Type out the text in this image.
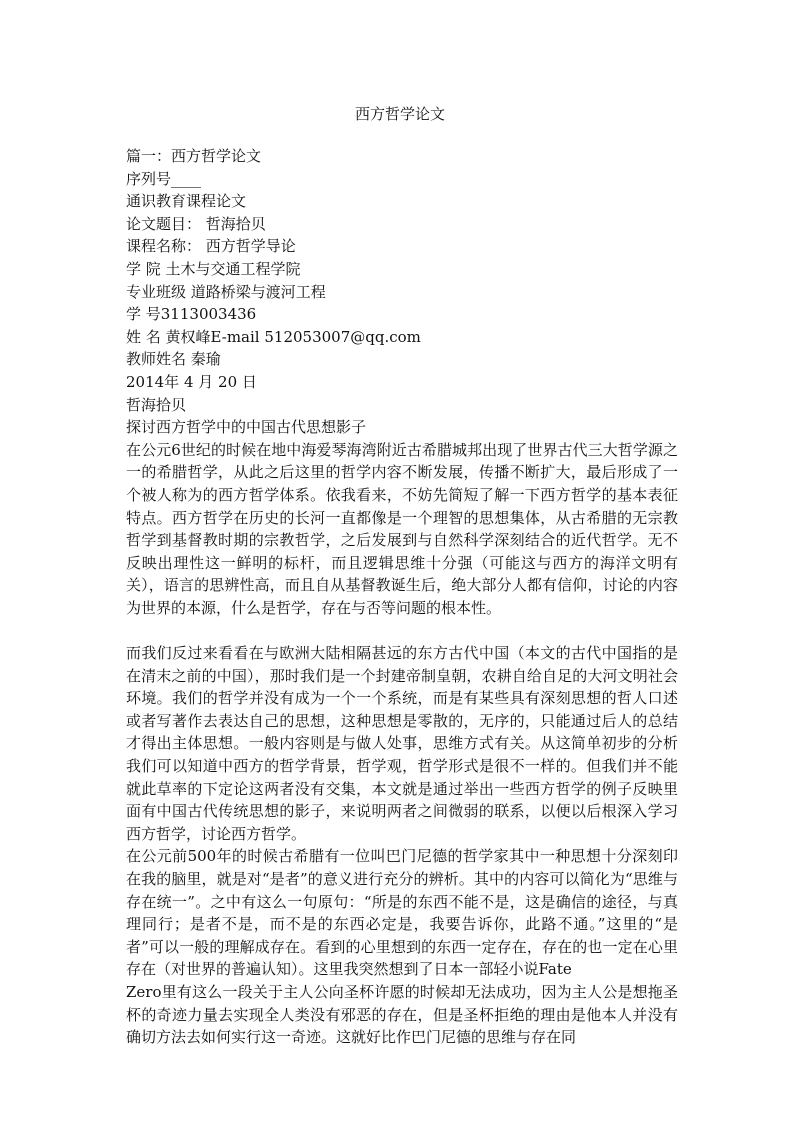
西方哲学论文
篇一：西方哲学论文
序列号____
通识教育课程论文
论文题目： 哲海拾贝
课程名称： 西方哲学导论
学 院 土木与交通工程学院
专业班级 道路桥梁与渡河工程
学 号3113003436
姓 名 黄权峰E-mail 512053007@qq.com
教师姓名 秦瑜
2014年 4 月 20 日
哲海拾贝
探讨西方哲学中的中国古代思想影子
在公元6世纪的时候在地中海爱琴海湾附近古希腊城邦出现了世界古代三大哲学源之一的希腊哲学，从此之后这里的哲学内容不断发展，传播不断扩大，最后形成了一个被人称为的西方哲学体系。依我看来，不妨先简短了解一下西方哲学的基本表征特点。西方哲学在历史的长河一直都像是一个理智的思想集体，从古希腊的无宗教哲学到基督教时期的宗教哲学，之后发展到与自然科学深刻结合的近代哲学。无不反映出理性这一鲜明的标杆，而且逻辑思维十分强（可能这与西方的海洋文明有关），语言的思辨性高，而且自从基督教诞生后，绝大部分人都有信仰，讨论的内容为世界的本源，什么是哲学，存在与否等问题的根本性。
而我们反过来看看在与欧洲大陆相隔甚远的东方古代中国（本文的古代中国指的是在清末之前的中国），那时我们是一个封建帝制皇朝，农耕自给自足的大河文明社会环境。我们的哲学并没有成为一个一个系统，而是有某些具有深刻思想的哲人口述或者写著作去表达自己的思想，这种思想是零散的，无序的，只能通过后人的总结才得出主体思想。一般内容则是与做人处事，思维方式有关。从这简单初步的分析我们可以知道中西方的哲学背景，哲学观，哲学形式是很不一样的。但我们并不能就此草率的下定论这两者没有交集，本文就是通过举出一些西方哲学的例子反映里面有中国古代传统思想的影子，来说明两者之间微弱的联系，以便以后根深入学习西方哲学，讨论西方哲学。
在公元前500年的时候古希腊有一位叫巴门尼德的哲学家其中一种思想十分深刻印在我的脑里，就是对“是者”的意义进行充分的辨析。其中的内容可以简化为“思维与存在统一”。之中有这么一句原句：“所是的东西不能不是，这是确信的途径，与真理同行；是者不是，而不是的东西必定是，我要告诉你，此路不通。”这里的“是者”可以一般的理解成存在。看到的心里想到的东西一定存在，存在的也一定在心里存在（对世界的普遍认知）。这里我突然想到了日本一部轻小说Fate
Zero里有这么一段关于主人公向圣杯许愿的时候却无法成功，因为主人公是想拖圣杯的奇迹力量去实现全人类没有邪恶的存在，但是圣杯拒绝的理由是他本人并没有确切方法去如何实行这一奇迹。这就好比作巴门尼德的思维与存在同
